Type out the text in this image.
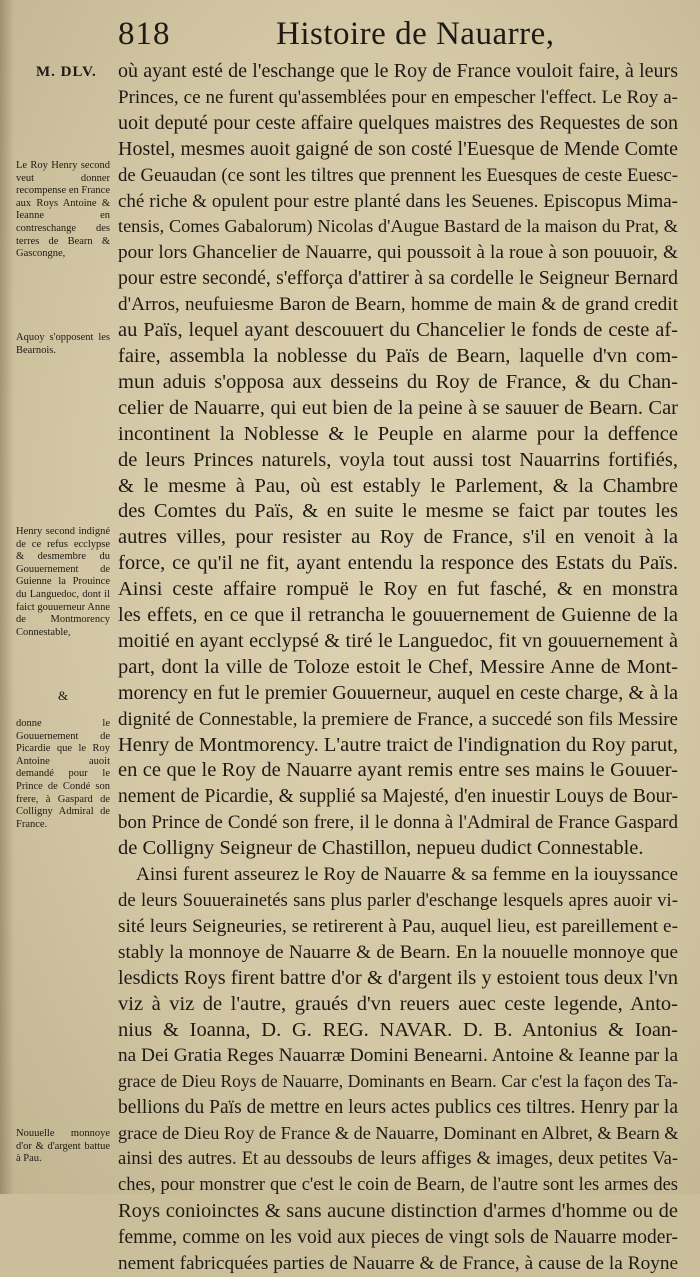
818	Histoire de Nauarre,
M. DLV.
Le Roy Henry second veut donner recompense en France aux Roys Antoine & Ieanne en contreschange des terres de Bearn & Gascongne,
Aquoy s'opposent les Bearnois.
Henry second indigné de ce refus ecclypse & desmembre du Gouuernement de Guienne la Prouince du Languedoc, dont il faict gouuerneur Anne de Montmorency Connestable,
&
donne le Gouuernement de Picardie que le Roy Antoine auoit demandé pour le Prince de Condé son frere, à Gaspard de Colligny Admiral de France.
Nouuelle monnoye d'or & d'argent battue à Pau.
où ayant esté de l'eschange que le Roy de France vouloit faire, à leurs
Princes, ce ne furent qu'assemblées pour en empescher l'effect. Le Roy a-
uoit deputé pour ceste affaire quelques maistres des Requestes de son
Hostel, mesmes auoit gaigné de son costé l'Euesque de Mende Comte
de Geuaudan (ce sont les tiltres que prennent les Euesques de ceste Euesc-
ché riche & opulent pour estre planté dans les Seuenes. Episcopus Mima-
tensis, Comes Gabalorum) Nicolas d'Augue Bastard de la maison du Prat, &
pour lors Ghancelier de Nauarre, qui poussoit à la roue à son pouuoir, &
pour estre secondé, s'efforça d'attirer à sa cordelle le Seigneur Bernard
d'Arros, neufuiesme Baron de Bearn, homme de main & de grand credit
au Païs, lequel ayant descouuert du Chancelier le fonds de ceste af-
faire, assembla la noblesse du Païs de Bearn, laquelle d'vn com-
mun aduis s'opposa aux desseins du Roy de France, & du Chan-
celier de Nauarre, qui eut bien de la peine à se sauuer de Bearn. Car
incontinent la Noblesse & le Peuple en alarme pour la deffence
de leurs Princes naturels, voyla tout aussi tost Nauarrins fortifiés,
& le mesme à Pau, où est estably le Parlement, & la Chambre
des Comtes du Païs, & en suite le mesme se faict par toutes les
autres villes, pour resister au Roy de France, s'il en venoit à la
force, ce qu'il ne fit, ayant entendu la responce des Estats du Païs.
Ainsi ceste affaire rompuë le Roy en fut fasché, & en monstra
les effets, en ce que il retrancha le gouuernement de Guienne de la
moitié en ayant ecclypsé & tiré le Languedoc, fit vn gouuernement à
part, dont la ville de Toloze estoit le Chef, Messire Anne de Mont-
morency en fut le premier Gouuerneur, auquel en ceste charge, & à la
dignité de Connestable, la premiere de France, a succedé son fils Messire
Henry de Montmorency. L'autre traict de l'indignation du Roy parut,
en ce que le Roy de Nauarre ayant remis entre ses mains le Gouuer-
nement de Picardie, & supplié sa Majesté, d'en inuestir Louys de Bour-
bon Prince de Condé son frere, il le donna à l'Admiral de France Gaspard
de Colligny Seigneur de Chastillon, nepueu dudict Connestable.
Ainsi furent asseurez le Roy de Nauarre & sa femme en la iouyssance
de leurs Souuerainetés sans plus parler d'eschange lesquels apres auoir vi-
sité leurs Seigneuries, se retirerent à Pau, auquel lieu, est pareillement e-
stably la monnoye de Nauarre & de Bearn. En la nouuelle monnoye que
lesdicts Roys firent battre d'or & d'argent ils y estoient tous deux l'vn
viz à viz de l'autre, graués d'vn reuers auec ceste legende, Anto-
nius & Ioanna, D. G. REG. NAVAR. D. B. Antonius & Ioan-
na Dei Gratia Reges Nauarræ Domini Benearni. Antoine & Ieanne par la
grace de Dieu Roys de Nauarre, Dominants en Bearn. Car c'est la façon des Ta-
bellions du Païs de mettre en leurs actes publics ces tiltres. Henry par la
grace de Dieu Roy de France & de Nauarre, Dominant en Albret, & Bearn &
ainsi des autres. Et au dessoubs de leurs affiges & images, deux petites Va-
ches, pour monstrer que c'est le coin de Bearn, de l'autre sont les armes des
Roys conioinctes & sans aucune distinction d'armes d'homme ou de
femme, comme on les void aux pieces de vingt sols de Nauarre moder-
nement fabricquées parties de Nauarre & de France, à cause de la Royne
